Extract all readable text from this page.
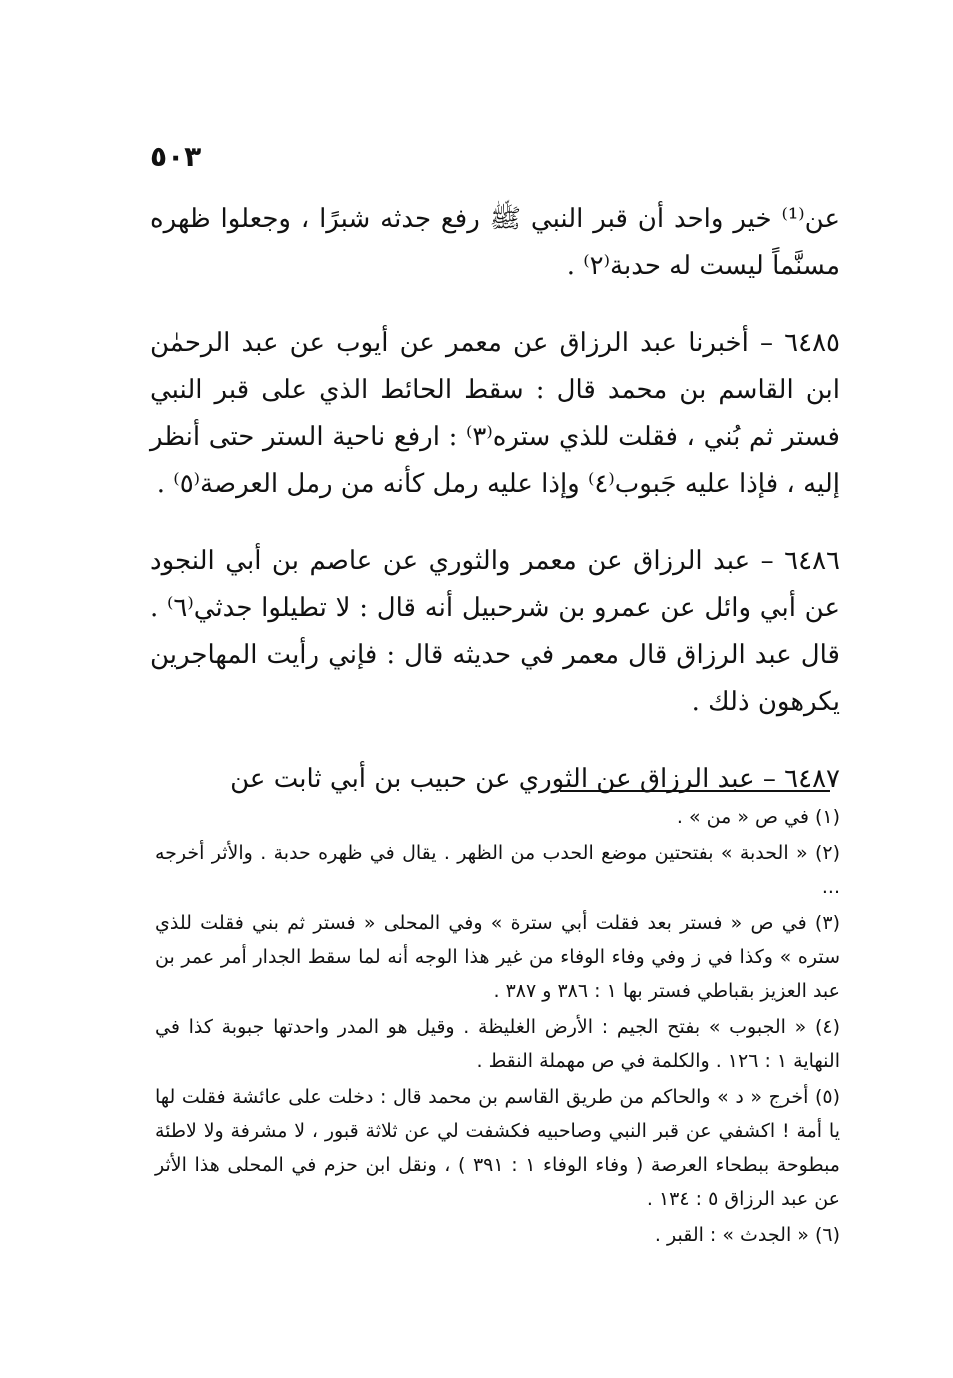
٥٠٣

عن⁽¹⁾ خير واحد أن قبر النبي ﷺ رفع جدثه شبرًا ، وجعلوا ظهره مسنَّماً ليست له حدبة⁽٢⁾ .

٦٤٨٥ – أخبرنا عبد الرزاق عن معمر عن أيوب عن عبد الرحمٰن ابن القاسم بن محمد قال : سقط الحائط الذي على قبر النبي فستر ثم بُني ، فقلت للذي ستره⁽٣⁾ : ارفع ناحية الستر حتى أنظر إليه ، فإذا عليه جَبوب⁽٤⁾ وإذا عليه رمل كأنه من رمل العرصة⁽٥⁾ .

٦٤٨٦ – عبد الرزاق عن معمر والثوري عن عاصم بن أبي النجود عن أبي وائل عن عمرو بن شرحبيل أنه قال : لا تطيلوا جدثي⁽٦⁾ . قال عبد الرزاق قال معمر في حديثه قال : فإني رأيت المهاجرين يكرهون ذلك .

٦٤٨٧ – عبد الرزاق عن الثوري عن حبيب بن أبي ثابت عن

(١) في ص « من » .

(٢) « الحدبة » بفتحتين موضع الحدب من الظهر . يقال في ظهره حدبة . والأثر أخرجه ...

(٣) في ص « فستر بعد فقلت أبي سترة » وفي المحلى « فستر ثم بني فقلت للذي ستره » وكذا في ز وفي وفاء الوفاء من غير هذا الوجه أنه لما سقط الجدار أمر عمر بن عبد العزيز بقباطي فستر بها ١ : ٣٨٦ و ٣٨٧ .

(٤) « الجبوب » بفتح الجيم : الأرض الغليظة . وقيل هو المدر واحدتها جبوبة كذا في النهاية ١ : ١٢٦ . والكلمة في ص مهملة النقط .

(٥) أخرج « د » والحاكم من طريق القاسم بن محمد قال : دخلت على عائشة فقلت لها يا أمة ! اكشفي عن قبر النبي وصاحبيه فكشفت لي عن ثلاثة قبور ، لا مشرفة ولا لاطئة مبطوحة ببطحاء العرصة ( وفاء الوفاء ١ : ٣٩١ ) ، ونقل ابن حزم في المحلى هذا الأثر عن عبد الرزاق ٥ : ١٣٤ .

(٦) « الجدث » : القبر .
